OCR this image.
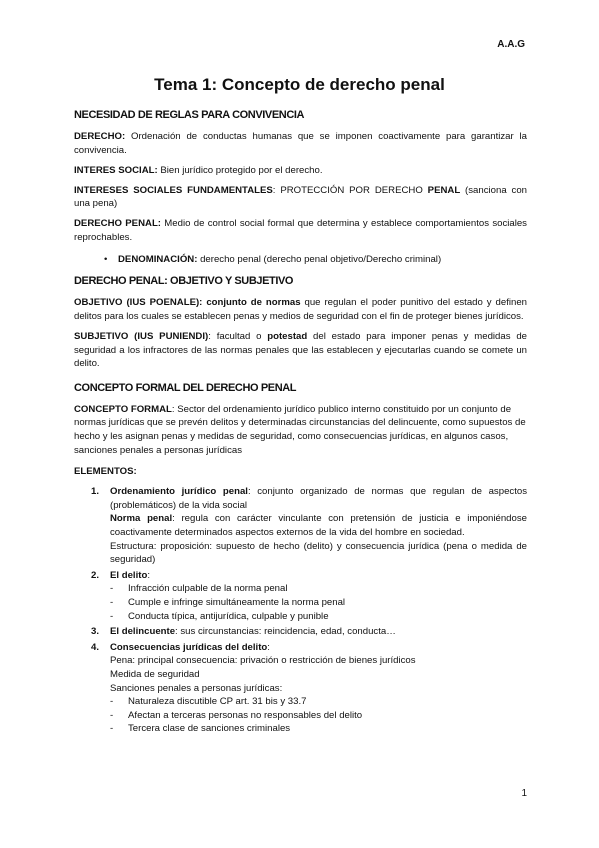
A.A.G
Tema 1: Concepto de derecho penal
NECESIDAD DE REGLAS PARA CONVIVENCIA

DERECHO: Ordenación de conductas humanas que se imponen coactivamente para garantizar la convivencia.

INTERES SOCIAL: Bien jurídico protegido por el derecho.

INTERESES SOCIALES FUNDAMENTALES: PROTECCIÓN POR DERECHO PENAL (sanciona con una pena)

DERECHO PENAL: Medio de control social formal que determina y establece comportamientos sociales reprochables.

• DENOMINACIÓN: derecho penal (derecho penal objetivo/Derecho criminal)
DERECHO PENAL: OBJETIVO Y SUBJETIVO

OBJETIVO (IUS POENALE): conjunto de normas que regulan el poder punitivo del estado y definen delitos para los cuales se establecen penas y medios de seguridad con el fin de proteger bienes jurídicos.

SUBJETIVO (IUS PUNIENDI): facultad o potestad del estado para imponer penas y medidas de seguridad a los infractores de las normas penales que las establecen y ejecutarlas cuando se comete un delito.

CONCEPTO FORMAL DEL DERECHO PENAL

CONCEPTO FORMAL: Sector del ordenamiento jurídico publico interno constituido por un conjunto de normas jurídicas que se prevén delitos y determinadas circunstancias del delincuente, como supuestos de hecho y les asignan penas y medidas de seguridad, como consecuencias jurídicas, en algunos casos, sanciones penales a personas jurídicas

ELEMENTOS:

1. Ordenamiento jurídico penal: conjunto organizado de normas que regulan de aspectos (problemáticos) de la vida social
Norma penal: regula con carácter vinculante con pretensión de justicia e imponiéndose coactivamente determinados aspectos externos de la vida del hombre en sociedad.
Estructura: proposición: supuesto de hecho (delito) y consecuencia jurídica (pena o medida de seguridad)
2. El delito:
- Infracción culpable de la norma penal
- Cumple e infringe simultáneamente la norma penal
- Conducta típica, antijurídica, culpable y punible
3. El delincuente: sus circunstancias: reincidencia, edad, conducta…
4. Consecuencias jurídicas del delito:
Pena: principal consecuencia: privación o restricción de bienes jurídicos
Medida de seguridad
Sanciones penales a personas jurídicas:
- Naturaleza discutible CP art. 31 bis y 33.7
- Afectan a terceras personas no responsables del delito
- Tercera clase de sanciones criminales
1
